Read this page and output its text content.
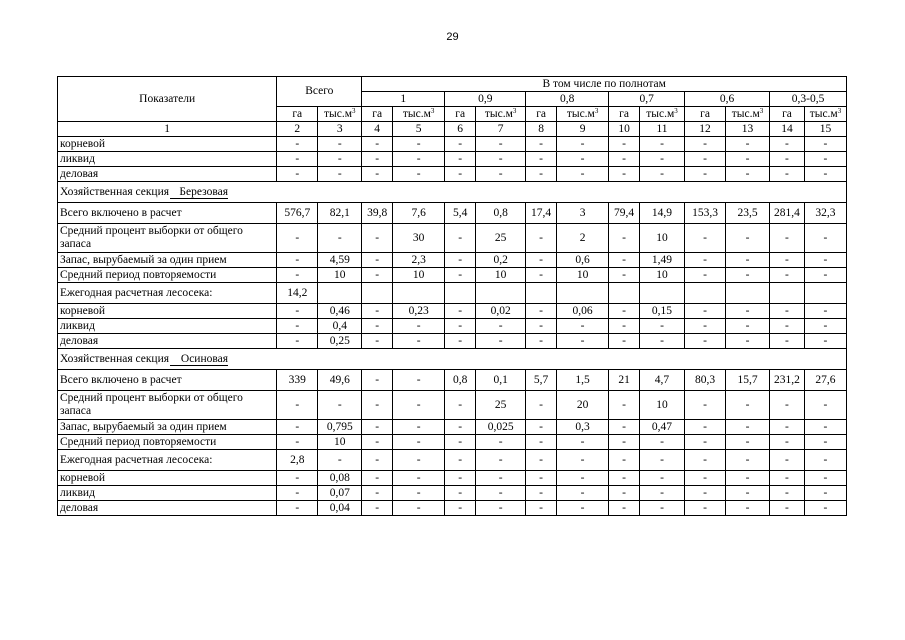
29
Показатели	Всего		В том числе по полнотам											
			1		0,9		0,8		0,7		0,6		0,3-0,5	
	га	$тыс.м^3$	га	$тыс.м^3$	га	$тыс.м^3$	га	$тыс.м^3$	га	$тыс.м^3$	га	$тыс.м^3$	га	$тыс.м^3$
1	2	3	4	5	6	7	8	9	10	11	12	13	14	15
корневой	-	-	-	-	-	-	-	-	-	-	-	-	-	-
ликвид	-	-	-	-	-	-	-	-	-	-	-	-	-	-
деловая	-	-	-	-	-	-	-	-	-	-	-	-	-	-
Хозяйственная секция Березовая														
Всего включено в расчет	576,7	82,1	39,8	7,6	5,4	0,8	17,4	3	79,4	14,9	153,3	23,5	281,4	32,3
Средний процент выборки от общего запаса	-	-	-	30	-	25	-	2	-	10	-	-	-	-
Запас, вырубаемый за один прием	-	4,59	-	2,3	-	0,2	-	0,6	-	1,49	-	-	-	-
Средний период повторяемости	-	10	-	10	-	10	-	10	-	10	-	-	-	-
Ежегодная расчетная лесосека:	14,2													
корневой	-	0,46	-	0,23	-	0,02	-	0,06	-	0,15	-	-	-	-
ликвид	-	0,4	-	-	-	-	-	-	-	-	-	-	-	-
деловая	-	0,25	-	-	-	-	-	-	-	-	-	-	-	-
Хозяйственная секция Осиновая														
Всего включено в расчет	339	49,6	-	-	0,8	0,1	5,7	1,5	21	4,7	80,3	15,7	231,2	27,6
Средний процент выборки от общего запаса	-	-	-	-	-	25	-	20	-	10	-	-	-	-
Запас, вырубаемый за один прием	-	0,795	-	-	-	0,025	-	0,3	-	0,47	-	-	-	-
Средний период повторяемости	-	10	-	-	-	-	-	-	-	-	-	-	-	-
Ежегодная расчетная лесосека:	2,8	-	-	-	-	-	-	-	-	-	-	-	-	-
корневой	-	0,08	-	-	-	-	-	-	-	-	-	-	-	-
ликвид	-	0,07	-	-	-	-	-	-	-	-	-	-	-	-
деловая	-	0,04	-	-	-	-	-	-	-	-	-	-	-	-
